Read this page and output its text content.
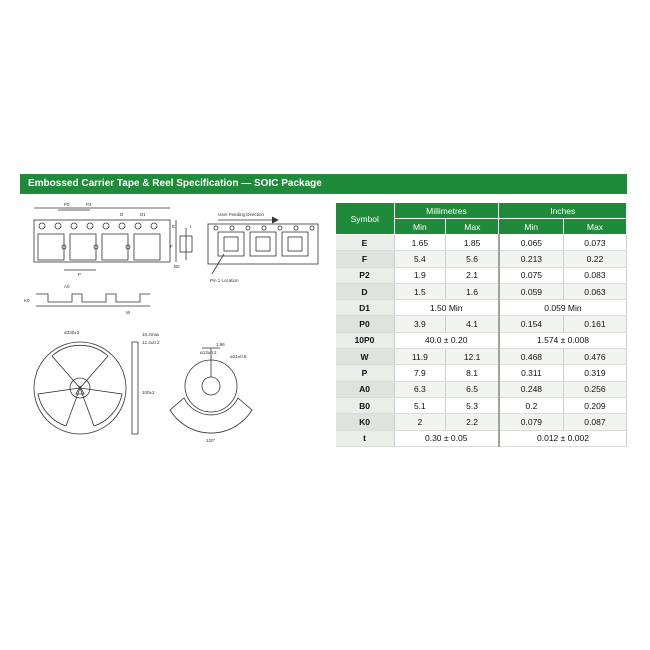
Embossed Carrier Tape & Reel Specification — SOIC Package
P0	P2
P
D	D1
E
F
B0
t
A0
K0
W
User Feeding Direction
Pin 1 Location
ø330±3	16.4max
12.4±0.2
100±2
ø13±0.2
ø21±0.8
1.96
120°
Symbol	Millimetres		Inches	
	Min	Max	Min	Max
E	1.65	1.85	0.065	0.073
F	5.4	5.6	0.213	0.22
P2	1.9	2.1	0.075	0.083
D	1.5	1.6	0.059	0.063
D1	1.50 Min		0.059 Min	
P0	3.9	4.1	0.154	0.161
10P0	40.0 ± 0.20		1.574 ± 0.008	
W	11.9	12.1	0.468	0.476
P	7.9	8.1	0.311	0.319
A0	6.3	6.5	0.248	0.256
B0	5.1	5.3	0.2	0.209
K0	2	2.2	0.079	0.087
t	0.30 ± 0.05		0.012 ± 0.002	
